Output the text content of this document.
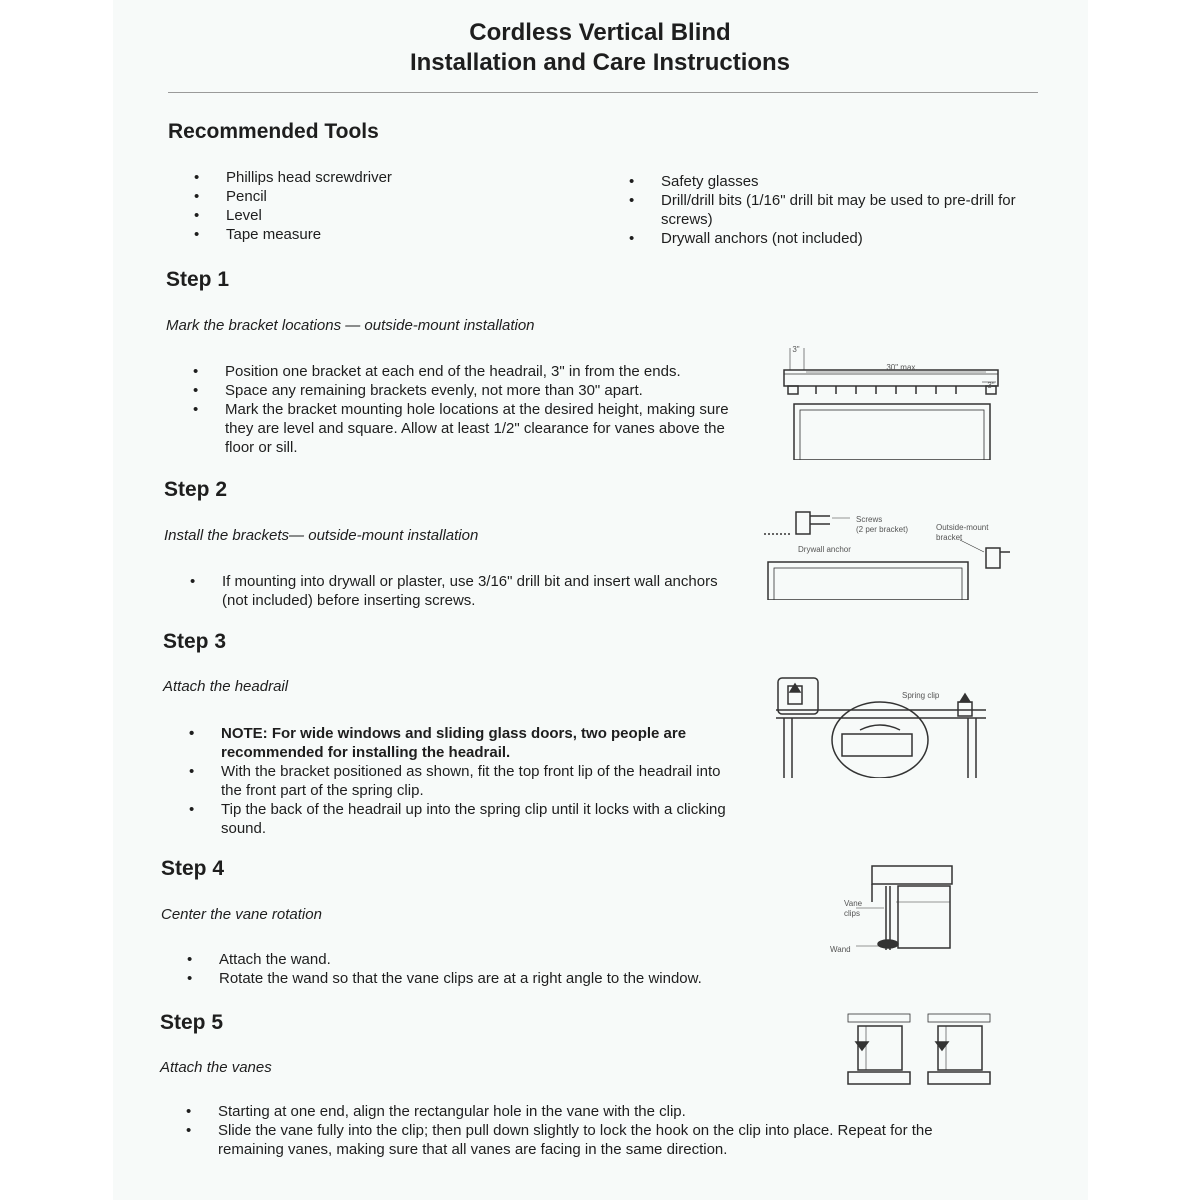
Cordless Vertical Blind
Installation and Care Instructions
Recommended Tools
• Phillips head screwdriver
• Pencil
• Level
• Tape measure
• Safety glasses
• Drill/drill bits (1/16" drill bit may be used to pre-drill for screws)
• Drywall anchors (not included)
Step 1
Mark the bracket locations — outside-mount installation
• Position one bracket at each end of the headrail, 3" in from the ends.
• Space any remaining brackets evenly, not more than 30" apart.
• Mark the bracket mounting hole locations at the desired height, making sure they are level and square. Allow at least 1/2" clearance for vanes above the floor or sill.
3"
30" max.
3"
Step 2
Install the brackets— outside-mount installation
• If mounting into drywall or plaster, use 3/16" drill bit and insert wall anchors (not included) before inserting screws.
Screws
(2 per bracket)	Outside-mount
bracket
Drywall anchor
Step 3
Attach the headrail
• NOTE: For wide windows and sliding glass doors, two people are recommended for installing the headrail.
• With the bracket positioned as shown, fit the top front lip of the headrail into the front part of the spring clip.
• Tip the back of the headrail up into the spring clip until it locks with a clicking sound.
Spring clip
Step 4
Center the vane rotation
• Attach the wand.
• Rotate the wand so that the vane clips are at a right angle to the window.
Vane
clips
Wand
Step 5
Attach the vanes
• Starting at one end, align the rectangular hole in the vane with the clip.
• Slide the vane fully into the clip; then pull down slightly to lock the hook on the clip into place. Repeat for the remaining vanes, making sure that all vanes are facing in the same direction.
